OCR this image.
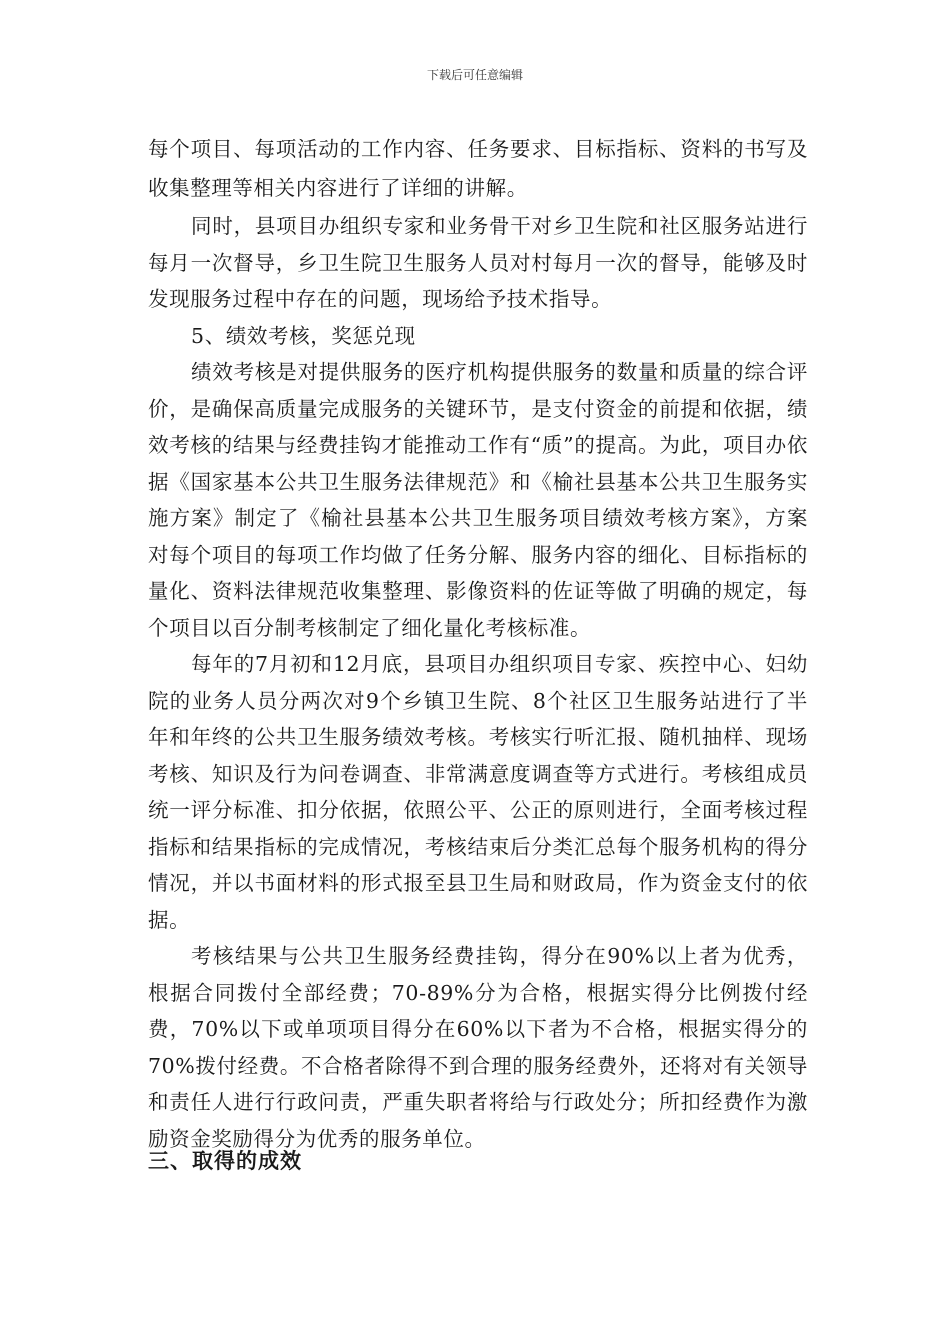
下载后可任意编辑

每个项目、每项活动的工作内容、任务要求、目标指标、资料的书写及收集整理等相关内容进行了详细的讲解。

同时，县项目办组织专家和业务骨干对乡卫生院和社区服务站进行每月一次督导，乡卫生院卫生服务人员对村每月一次的督导，能够及时发现服务过程中存在的问题，现场给予技术指导。

5、绩效考核，奖惩兑现

绩效考核是对提供服务的医疗机构提供服务的数量和质量的综合评价，是确保高质量完成服务的关键环节，是支付资金的前提和依据，绩效考核的结果与经费挂钩才能推动工作有“质”的提高。为此，项目办依据《国家基本公共卫生服务法律规范》和《榆社县基本公共卫生服务实施方案》制定了《榆社县基本公共卫生服务项目绩效考核方案》，方案对每个项目的每项工作均做了任务分解、服务内容的细化、目标指标的量化、资料法律规范收集整理、影像资料的佐证等做了明确的规定，每个项目以百分制考核制定了细化量化考核标准。

每年的7月初和12月底，县项目办组织项目专家、疾控中心、妇幼院的业务人员分两次对9个乡镇卫生院、8个社区卫生服务站进行了半年和年终的公共卫生服务绩效考核。考核实行听汇报、随机抽样、现场考核、知识及行为问卷调查、非常满意度调查等方式进行。考核组成员统一评分标准、扣分依据，依照公平、公正的原则进行，全面考核过程指标和结果指标的完成情况，考核结束后分类汇总每个服务机构的得分情况，并以书面材料的形式报至县卫生局和财政局，作为资金支付的依据。

考核结果与公共卫生服务经费挂钩，得分在90%以上者为优秀，根据合同拨付全部经费；70-89%分为合格，根据实得分比例拨付经费，70%以下或单项项目得分在60%以下者为不合格，根据实得分的70%拨付经费。不合格者除得不到合理的服务经费外，还将对有关领导和责任人进行行政问责，严重失职者将给与行政处分；所扣经费作为激励资金奖励得分为优秀的服务单位。

三、取得的成效
